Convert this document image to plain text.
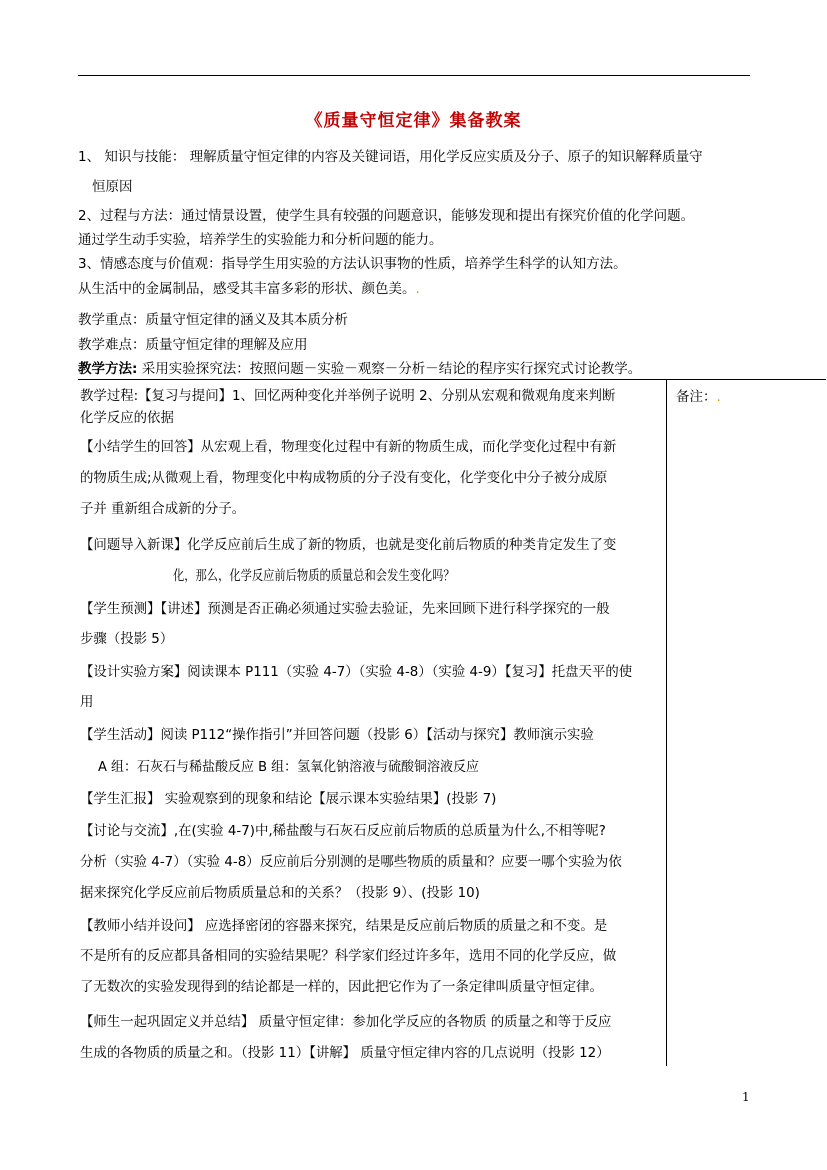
《质量守恒定律》集备教案
1、 知识与技能： 理解质量守恒定律的内容及关键词语，用化学反应实质及分子、原子的知识解释质量守
恒原因
2、过程与方法：通过情景设置，使学生具有较强的问题意识，能够发现和提出有探究价值的化学问题。
通过学生动手实验，培养学生的实验能力和分析问题的能力。
3、情感态度与价值观：指导学生用实验的方法认识事物的性质，培养学生科学的认知方法。
从生活中的金属制品，感受其丰富多彩的形状、颜色美。.
教学重点：质量守恒定律的涵义及其本质分析
教学难点：质量守恒定律的理解及应用
教学方法: 采用实验探究法：按照问题－实验－观察－分析－结论的程序实行探究式讨论教学。
备注：.
教学过程:【复习与提问】1、回忆两种变化并举例子说明 2、分别从宏观和微观角度来判断
化学反应的依据
【小结学生的回答】从宏观上看，物理变化过程中有新的物质生成，而化学变化过程中有新
的物质生成;从微观上看，物理变化中构成物质的分子没有变化，化学变化中分子被分成原
子并 重新组合成新的分子。
【问题导入新课】化学反应前后生成了新的物质，也就是变化前后物质的种类肯定发生了变
化，那么，化学反应前后物质的质量总和会发生变化吗？
【学生预测】【讲述】预测是否正确必须通过实验去验证，先来回顾下进行科学探究的一般
步骤（投影 5）
【设计实验方案】阅读课本 P111（实验 4-7）（实验 4-8）（实验 4-9）【复习】托盘天平的使
用
【学生活动】阅读 P112“操作指引”并回答问题（投影 6）【活动与探究】教师演示实验
A 组：石灰石与稀盐酸反应 B 组：氢氧化钠溶液与硫酸铜溶液反应
【学生汇报】 实验观察到的现象和结论【展示课本实验结果】(投影 7)
【讨论与交流】,在(实验 4-7)中,稀盐酸与石灰石反应前后物质的总质量为什么,不相等呢?
分析（实验 4-7）（实验 4-8）反应前后分别测的是哪些物质的质量和？应要一哪个实验为依
据来探究化学反应前后物质质量总和的关系？（投影 9）、(投影 10)
【教师小结并设问】 应选择密闭的容器来探究，结果是反应前后物质的质量之和不变。是
不是所有的反应都具备相同的实验结果呢？科学家们经过许多年，选用不同的化学反应，做
了无数次的实验发现得到的结论都是一样的，因此把它作为了一条定律叫质量守恒定律。
【师生一起巩固定义并总结】 质量守恒定律：参加化学反应的各物质 的质量之和等于反应
生成的各物质的质量之和。（投影 11）【讲解】 质量守恒定律内容的几点说明（投影 12）
1
